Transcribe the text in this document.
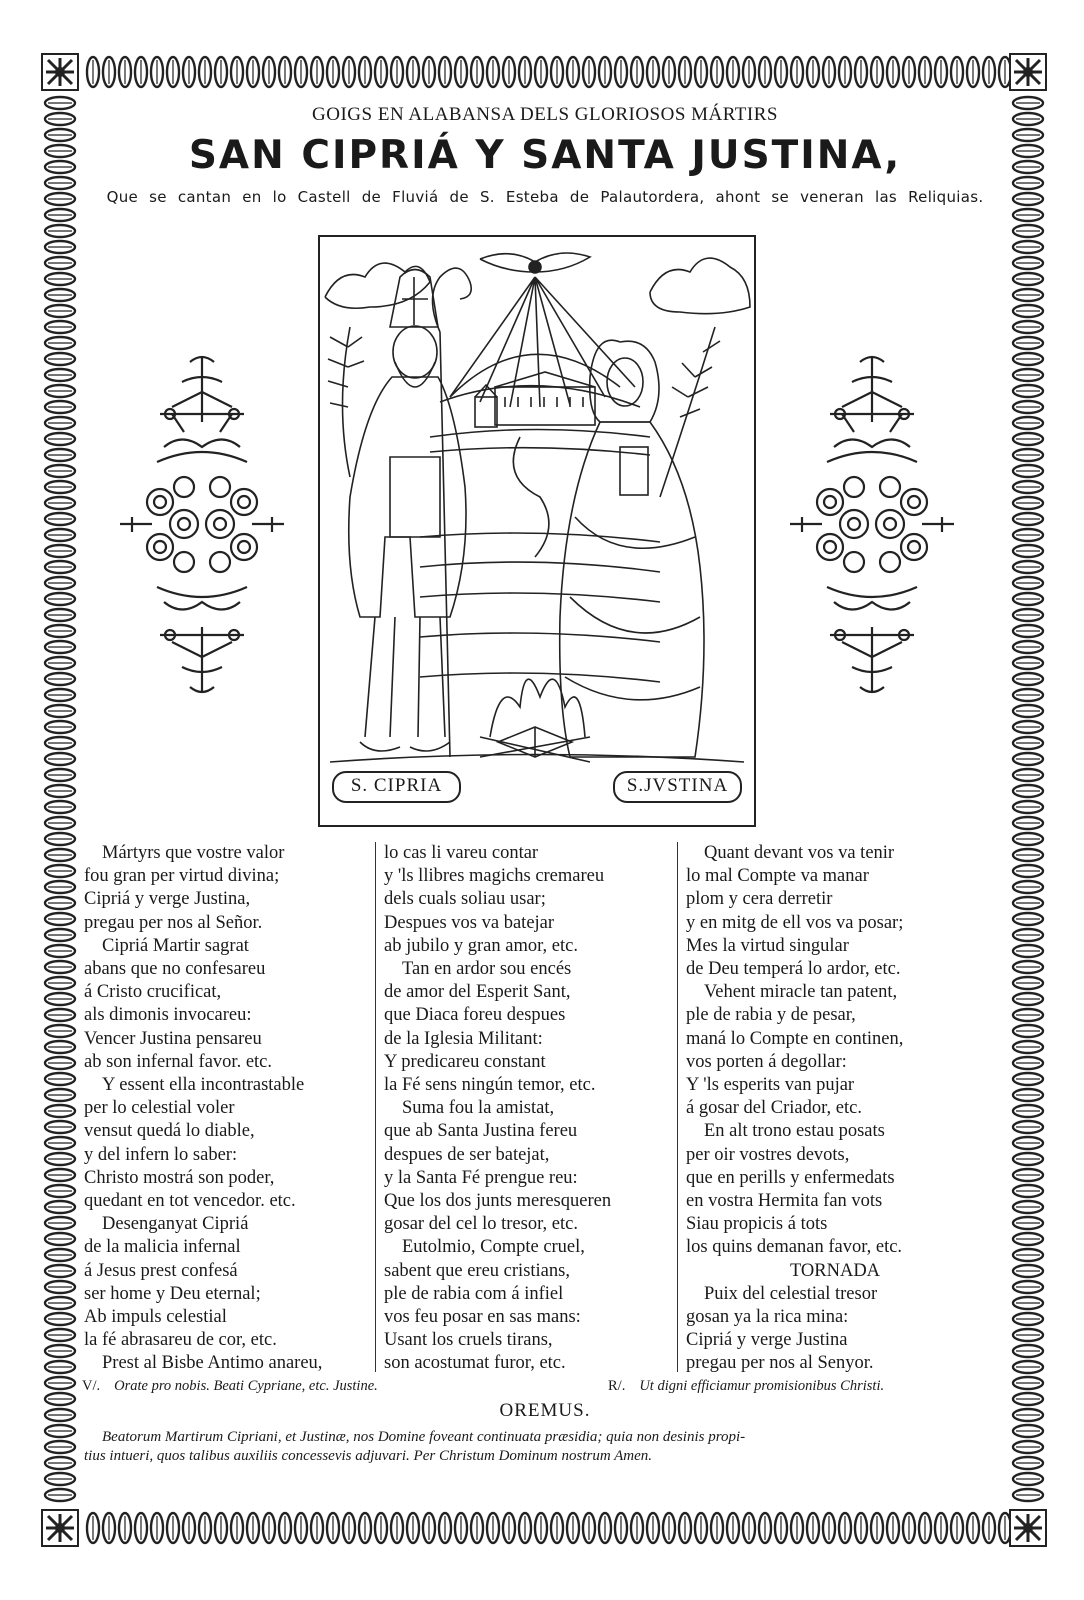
GOIGS EN ALABANSA DELS GLORIOSOS MÁRTIRS
SAN CIPRIÁ Y SANTA JUSTINA,
Que se cantan en lo Castell de Fluviá de S. Esteba de Palautordera, ahont se veneran las Reliquias.
S. CIPRIA	S.JVSTINA
Mártyrs que vostre valor
fou gran per virtud divina;
Cipriá y verge Justina,
pregau per nos al Señor.
Cipriá Martir sagrat
abans que no confesareu
á Cristo crucificat,
als dimonis invocareu:
Vencer Justina pensareu
ab son infernal favor. etc.
Y essent ella incontrastable
per lo celestial voler
vensut quedá lo diable,
y del infern lo saber:
Christo mostrá son poder,
quedant en tot vencedor. etc.
Desenganyat Cipriá
de la malicia infernal
á Jesus prest confesá
ser home y Deu eternal;
Ab impuls celestial
la fé abrasareu de cor, etc.
Prest al Bisbe Antimo anareu,
lo cas li vareu contar
y 'ls llibres magichs cremareu
dels cuals soliau usar;
Despues vos va batejar
ab jubilo y gran amor, etc.
Tan en ardor sou encés
de amor del Esperit Sant,
que Diaca foreu despues
de la Iglesia Militant:
Y predicareu constant
la Fé sens ningún temor, etc.
Suma fou la amistat,
que ab Santa Justina fereu
despues de ser batejat,
y la Santa Fé prengue reu:
Que los dos junts meresqueren
gosar del cel lo tresor, etc.
Eutolmio, Compte cruel,
sabent que ereu cristians,
ple de rabia com á infiel
vos feu posar en sas mans:
Usant los cruels tirans,
son acostumat furor, etc.
Quant devant vos va tenir
lo mal Compte va manar
plom y cera derretir
y en mitg de ell vos va posar;
Mes la virtud singular
de Deu temperá lo ardor, etc.
Vehent miracle tan patent,
ple de rabia y de pesar,
maná lo Compte en continen,
vos porten á degollar:
Y 'ls esperits van pujar
á gosar del Criador, etc.
En alt trono estau posats
per oir vostres devots,
que en perills y enfermedats
en vostra Hermita fan vots
Siau propicis á tots
los quins demanan favor, etc.
TORNADA
Puix del celestial tresor
gosan ya la rica mina:
Cipriá y verge Justina
pregau per nos al Senyor.
V/. Orate pro nobis. Beati Cypriane, etc. Justine.	R/. Ut digni efficiamur promisionibus Christi.
OREMUS.
Beatorum Martirum Cipriani, et Justinæ, nos Domine foveant continuata præsidia; quia non desinis propi-
tius intueri, quos talibus auxiliis concessevis adjuvari. Per Christum Dominum nostrum Amen.
